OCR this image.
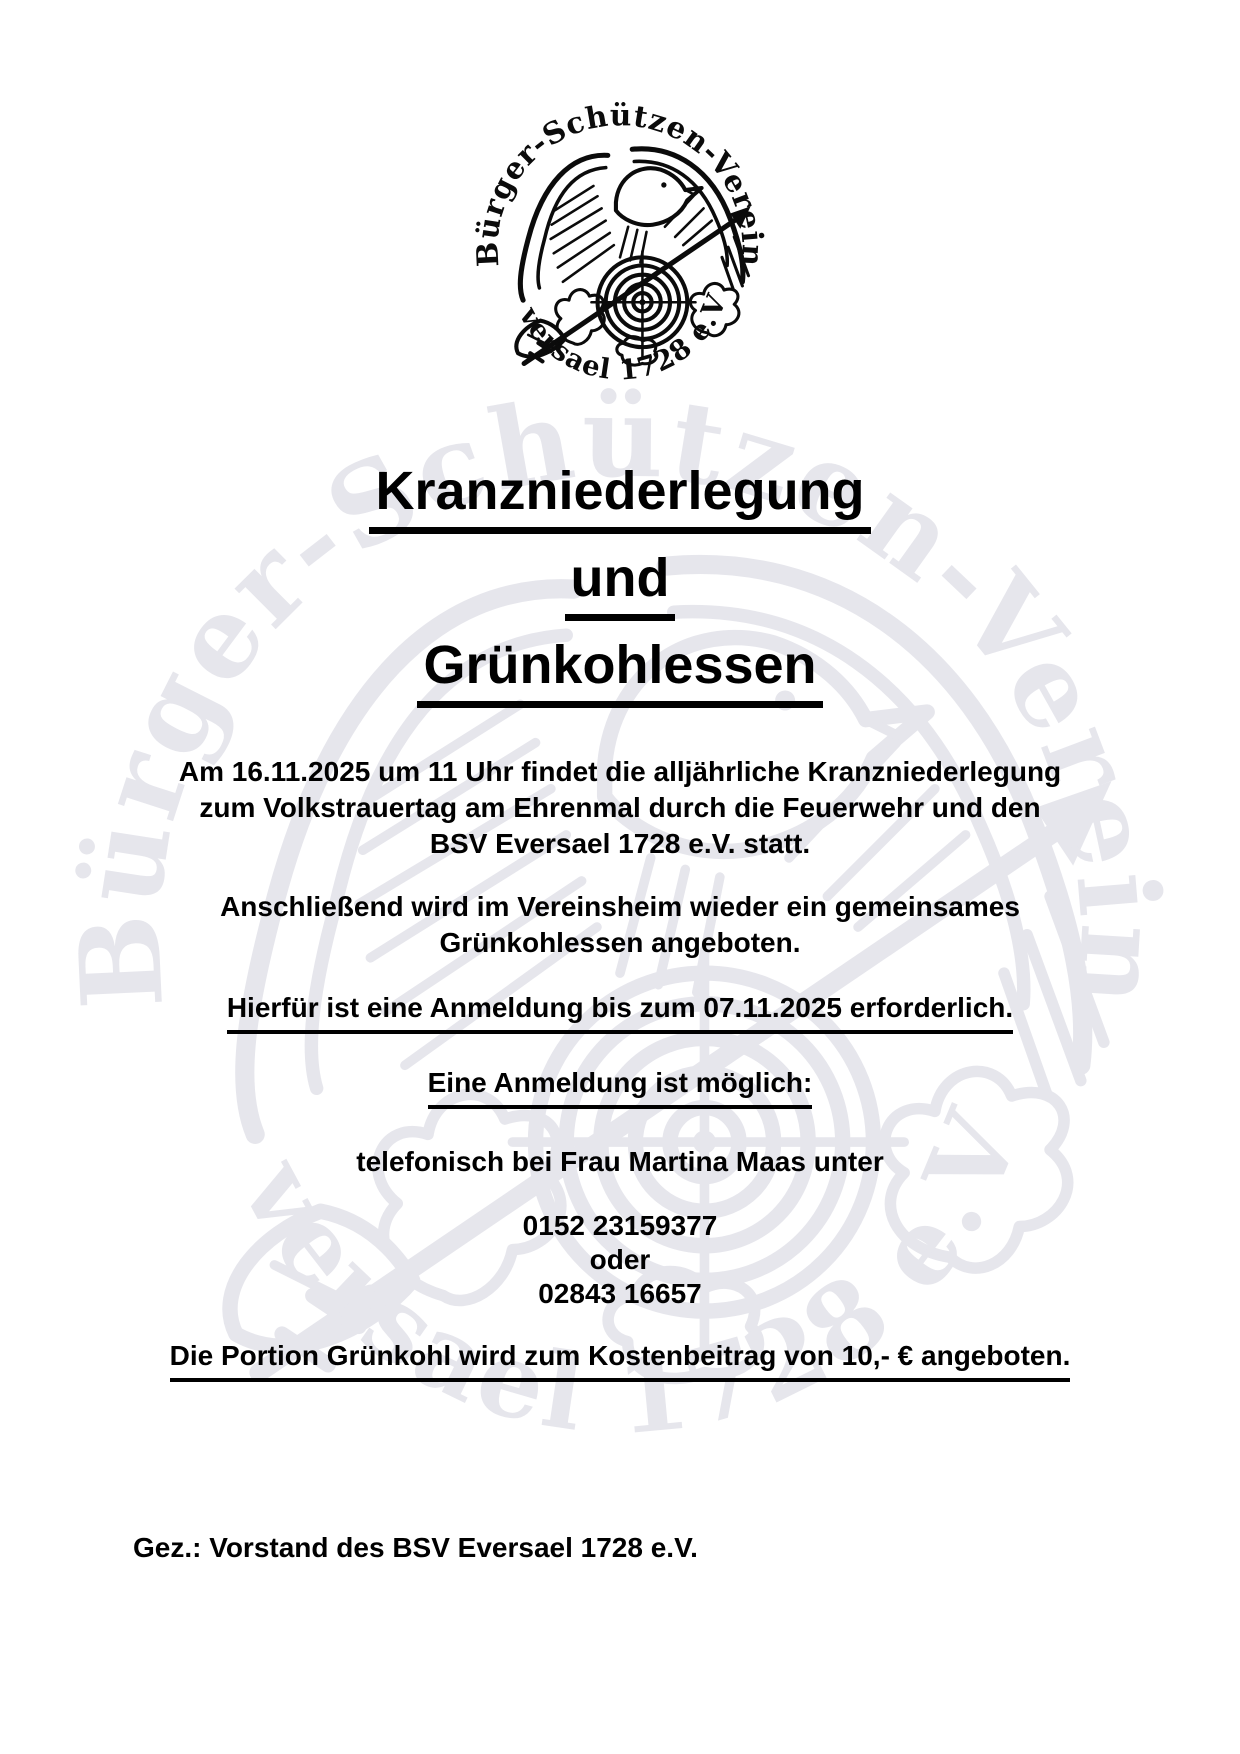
Kranzniederlegung
und
Grünkohlessen

Am 16.11.2025 um 11 Uhr findet die alljährliche Kranzniederlegung
zum Volkstrauertag am Ehrenmal durch die Feuerwehr und den
BSV Eversael 1728 e.V. statt.

Anschließend wird im Vereinsheim wieder ein gemeinsames
Grünkohlessen angeboten.

Hierfür ist eine Anmeldung bis zum 07.11.2025 erforderlich.

Eine Anmeldung ist möglich:

telefonisch bei Frau Martina Maas unter

0152 23159377
oder
02843 16657

Die Portion Grünkohl wird zum Kostenbeitrag von 10,- € angeboten.

Gez.: Vorstand des BSV Eversael 1728 e.V.
